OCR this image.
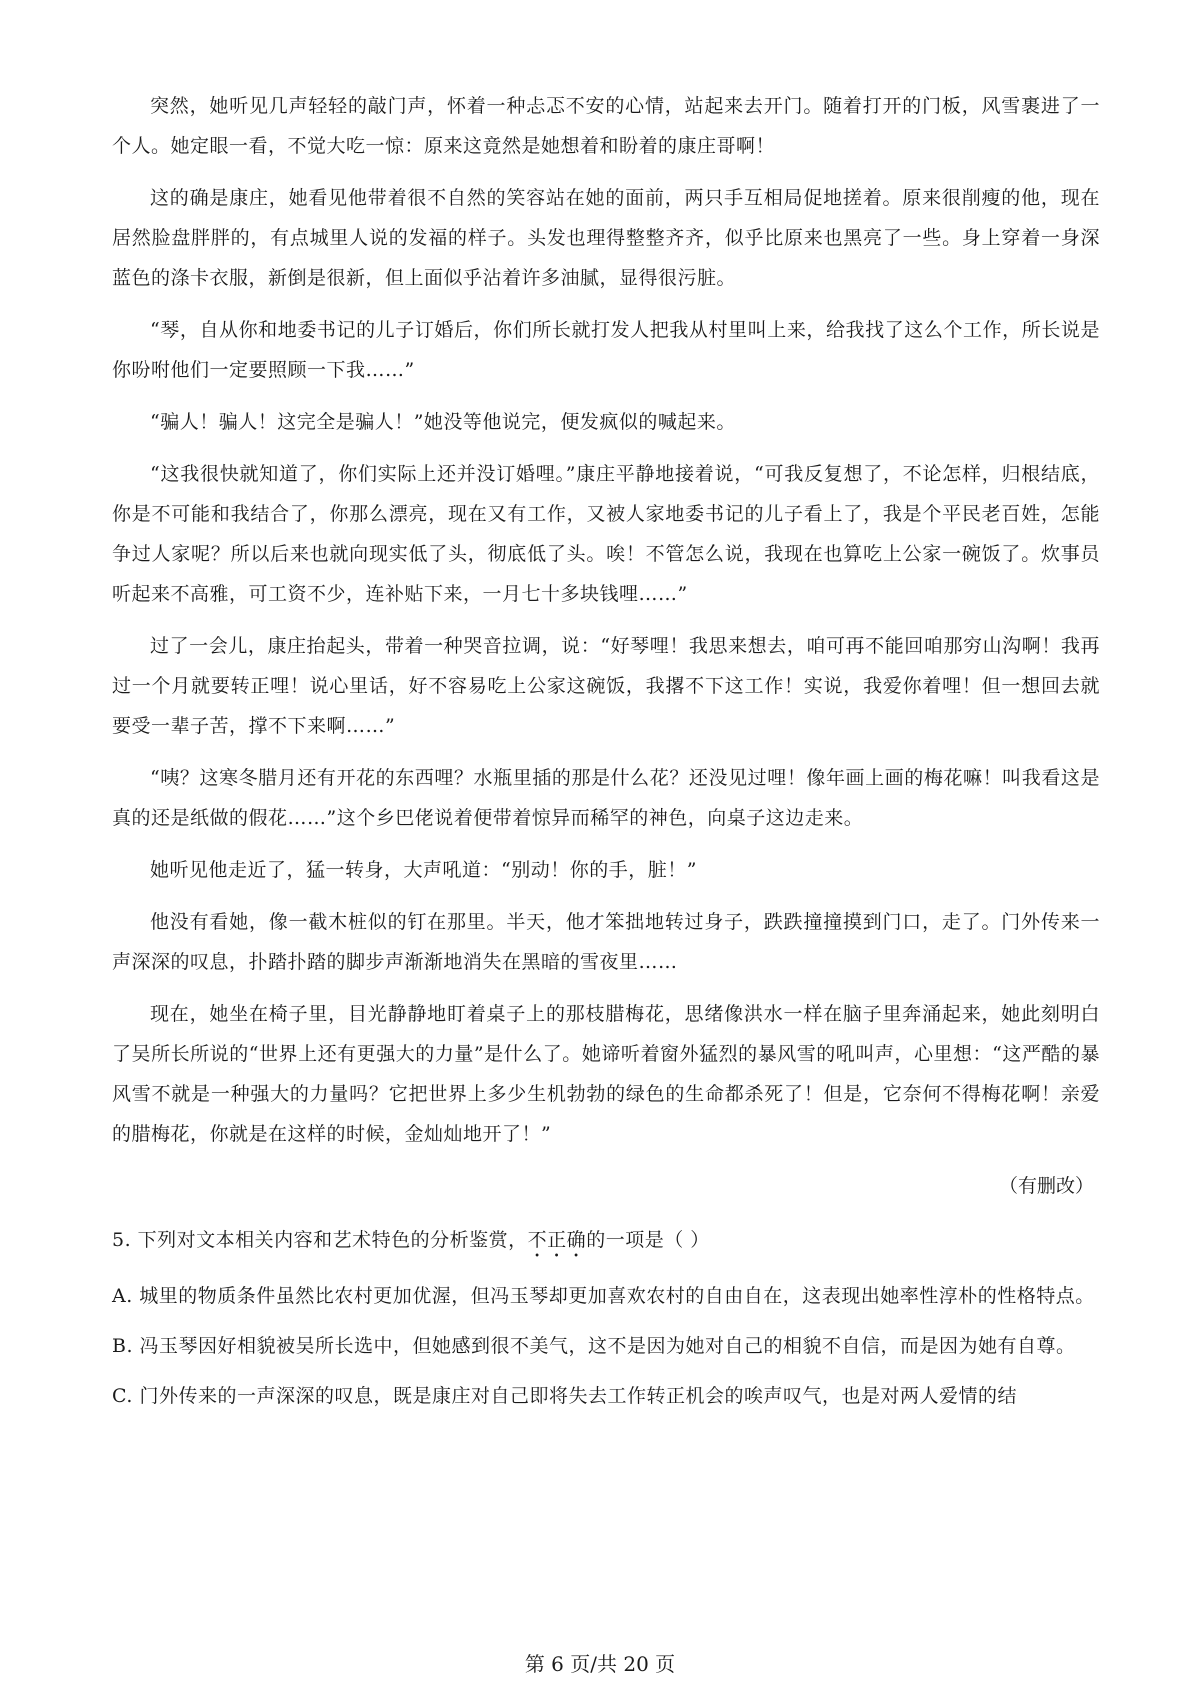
突然，她听见几声轻轻的敲门声，怀着一种忐忑不安的心情，站起来去开门。随着打开的门板，风雪裹进了一个人。她定眼一看，不觉大吃一惊：原来这竟然是她想着和盼着的康庄哥啊！

这的确是康庄，她看见他带着很不自然的笑容站在她的面前，两只手互相局促地搓着。原来很削瘦的他，现在居然脸盘胖胖的，有点城里人说的发福的样子。头发也理得整整齐齐，似乎比原来也黑亮了一些。身上穿着一身深蓝色的涤卡衣服，新倒是很新，但上面似乎沾着许多油腻，显得很污脏。

“琴，自从你和地委书记的儿子订婚后，你们所长就打发人把我从村里叫上来，给我找了这么个工作，所长说是你吩咐他们一定要照顾一下我……”

“骗人！骗人！这完全是骗人！”她没等他说完，便发疯似的喊起来。

“这我很快就知道了，你们实际上还并没订婚哩。”康庄平静地接着说，“可我反复想了，不论怎样，归根结底，你是不可能和我结合了，你那么漂亮，现在又有工作，又被人家地委书记的儿子看上了，我是个平民老百姓，怎能争过人家呢？所以后来也就向现实低了头，彻底低了头。唉！不管怎么说，我现在也算吃上公家一碗饭了。炊事员听起来不高雅，可工资不少，连补贴下来，一月七十多块钱哩……”

过了一会儿，康庄抬起头，带着一种哭音拉调，说：“好琴哩！我思来想去，咱可再不能回咱那穷山沟啊！我再过一个月就要转正哩！说心里话，好不容易吃上公家这碗饭，我撂不下这工作！实说，我爱你着哩！但一想回去就要受一辈子苦，撑不下来啊……”

“咦？这寒冬腊月还有开花的东西哩？水瓶里插的那是什么花？还没见过哩！像年画上画的梅花嘛！叫我看这是真的还是纸做的假花……”这个乡巴佬说着便带着惊异而稀罕的神色，向桌子这边走来。

她听见他走近了，猛一转身，大声吼道：“别动！你的手，脏！”

他没有看她，像一截木桩似的钉在那里。半天，他才笨拙地转过身子，跌跌撞撞摸到门口，走了。门外传来一声深深的叹息，扑踏扑踏的脚步声渐渐地消失在黑暗的雪夜里……

现在，她坐在椅子里，目光静静地盯着桌子上的那枝腊梅花，思绪像洪水一样在脑子里奔涌起来，她此刻明白了吴所长所说的“世界上还有更强大的力量”是什么了。她谛听着窗外猛烈的暴风雪的吼叫声，心里想：“这严酷的暴风雪不就是一种强大的力量吗？它把世界上多少生机勃勃的绿色的生命都杀死了！但是，它奈何不得梅花啊！亲爱的腊梅花，你就是在这样的时候，金灿灿地开了！”

（有删改）

5. 下列对文本相关内容和艺术特色的分析鉴赏，不正确的一项是（ ）

A. 城里的物质条件虽然比农村更加优渥，但冯玉琴却更加喜欢农村的自由自在，这表现出她率性淳朴的性格特点。

B. 冯玉琴因好相貌被吴所长选中，但她感到很不美气，这不是因为她对自己的相貌不自信，而是因为她有自尊。

C. 门外传来的一声深深的叹息，既是康庄对自己即将失去工作转正机会的唉声叹气，也是对两人爱情的结

第 6 页/共 20 页
